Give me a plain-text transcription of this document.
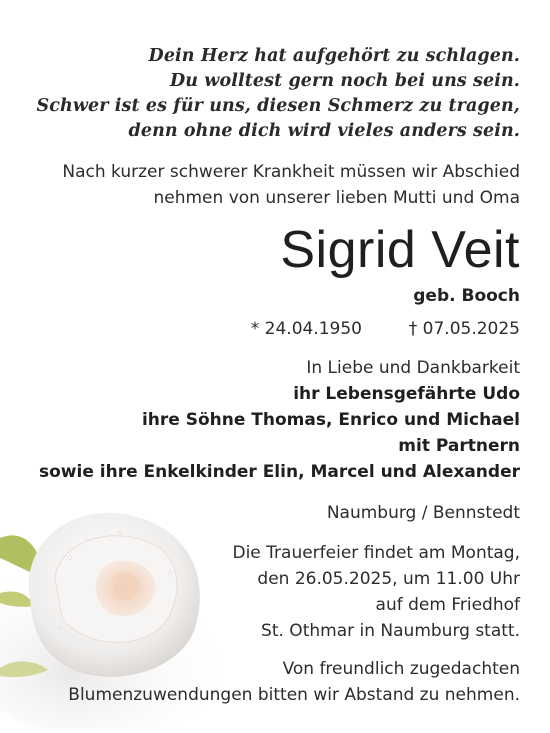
Dein Herz hat aufgehört zu schlagen.

Du wolltest gern noch bei uns sein.

Schwer ist es für uns, diesen Schmerz zu tragen,

denn ohne dich wird vieles anders sein.

Nach kurzer schwerer Krankheit müssen wir Abschied

nehmen von unserer lieben Mutti und Oma

Sigrid Veit

geb. Booch

* 24.04.1950	† 07.05.2025

In Liebe und Dankbarkeit

ihr Lebensgefährte Udo

ihre Söhne Thomas, Enrico und Michael

mit Partnern

sowie ihre Enkelkinder Elin, Marcel und Alexander

Naumburg / Bennstedt

Die Trauerfeier findet am Montag,

den 26.05.2025, um 11.00 Uhr

auf dem Friedhof

St. Othmar in Naumburg statt.

Von freundlich zugedachten

Blumenzuwendungen bitten wir Abstand zu nehmen.
